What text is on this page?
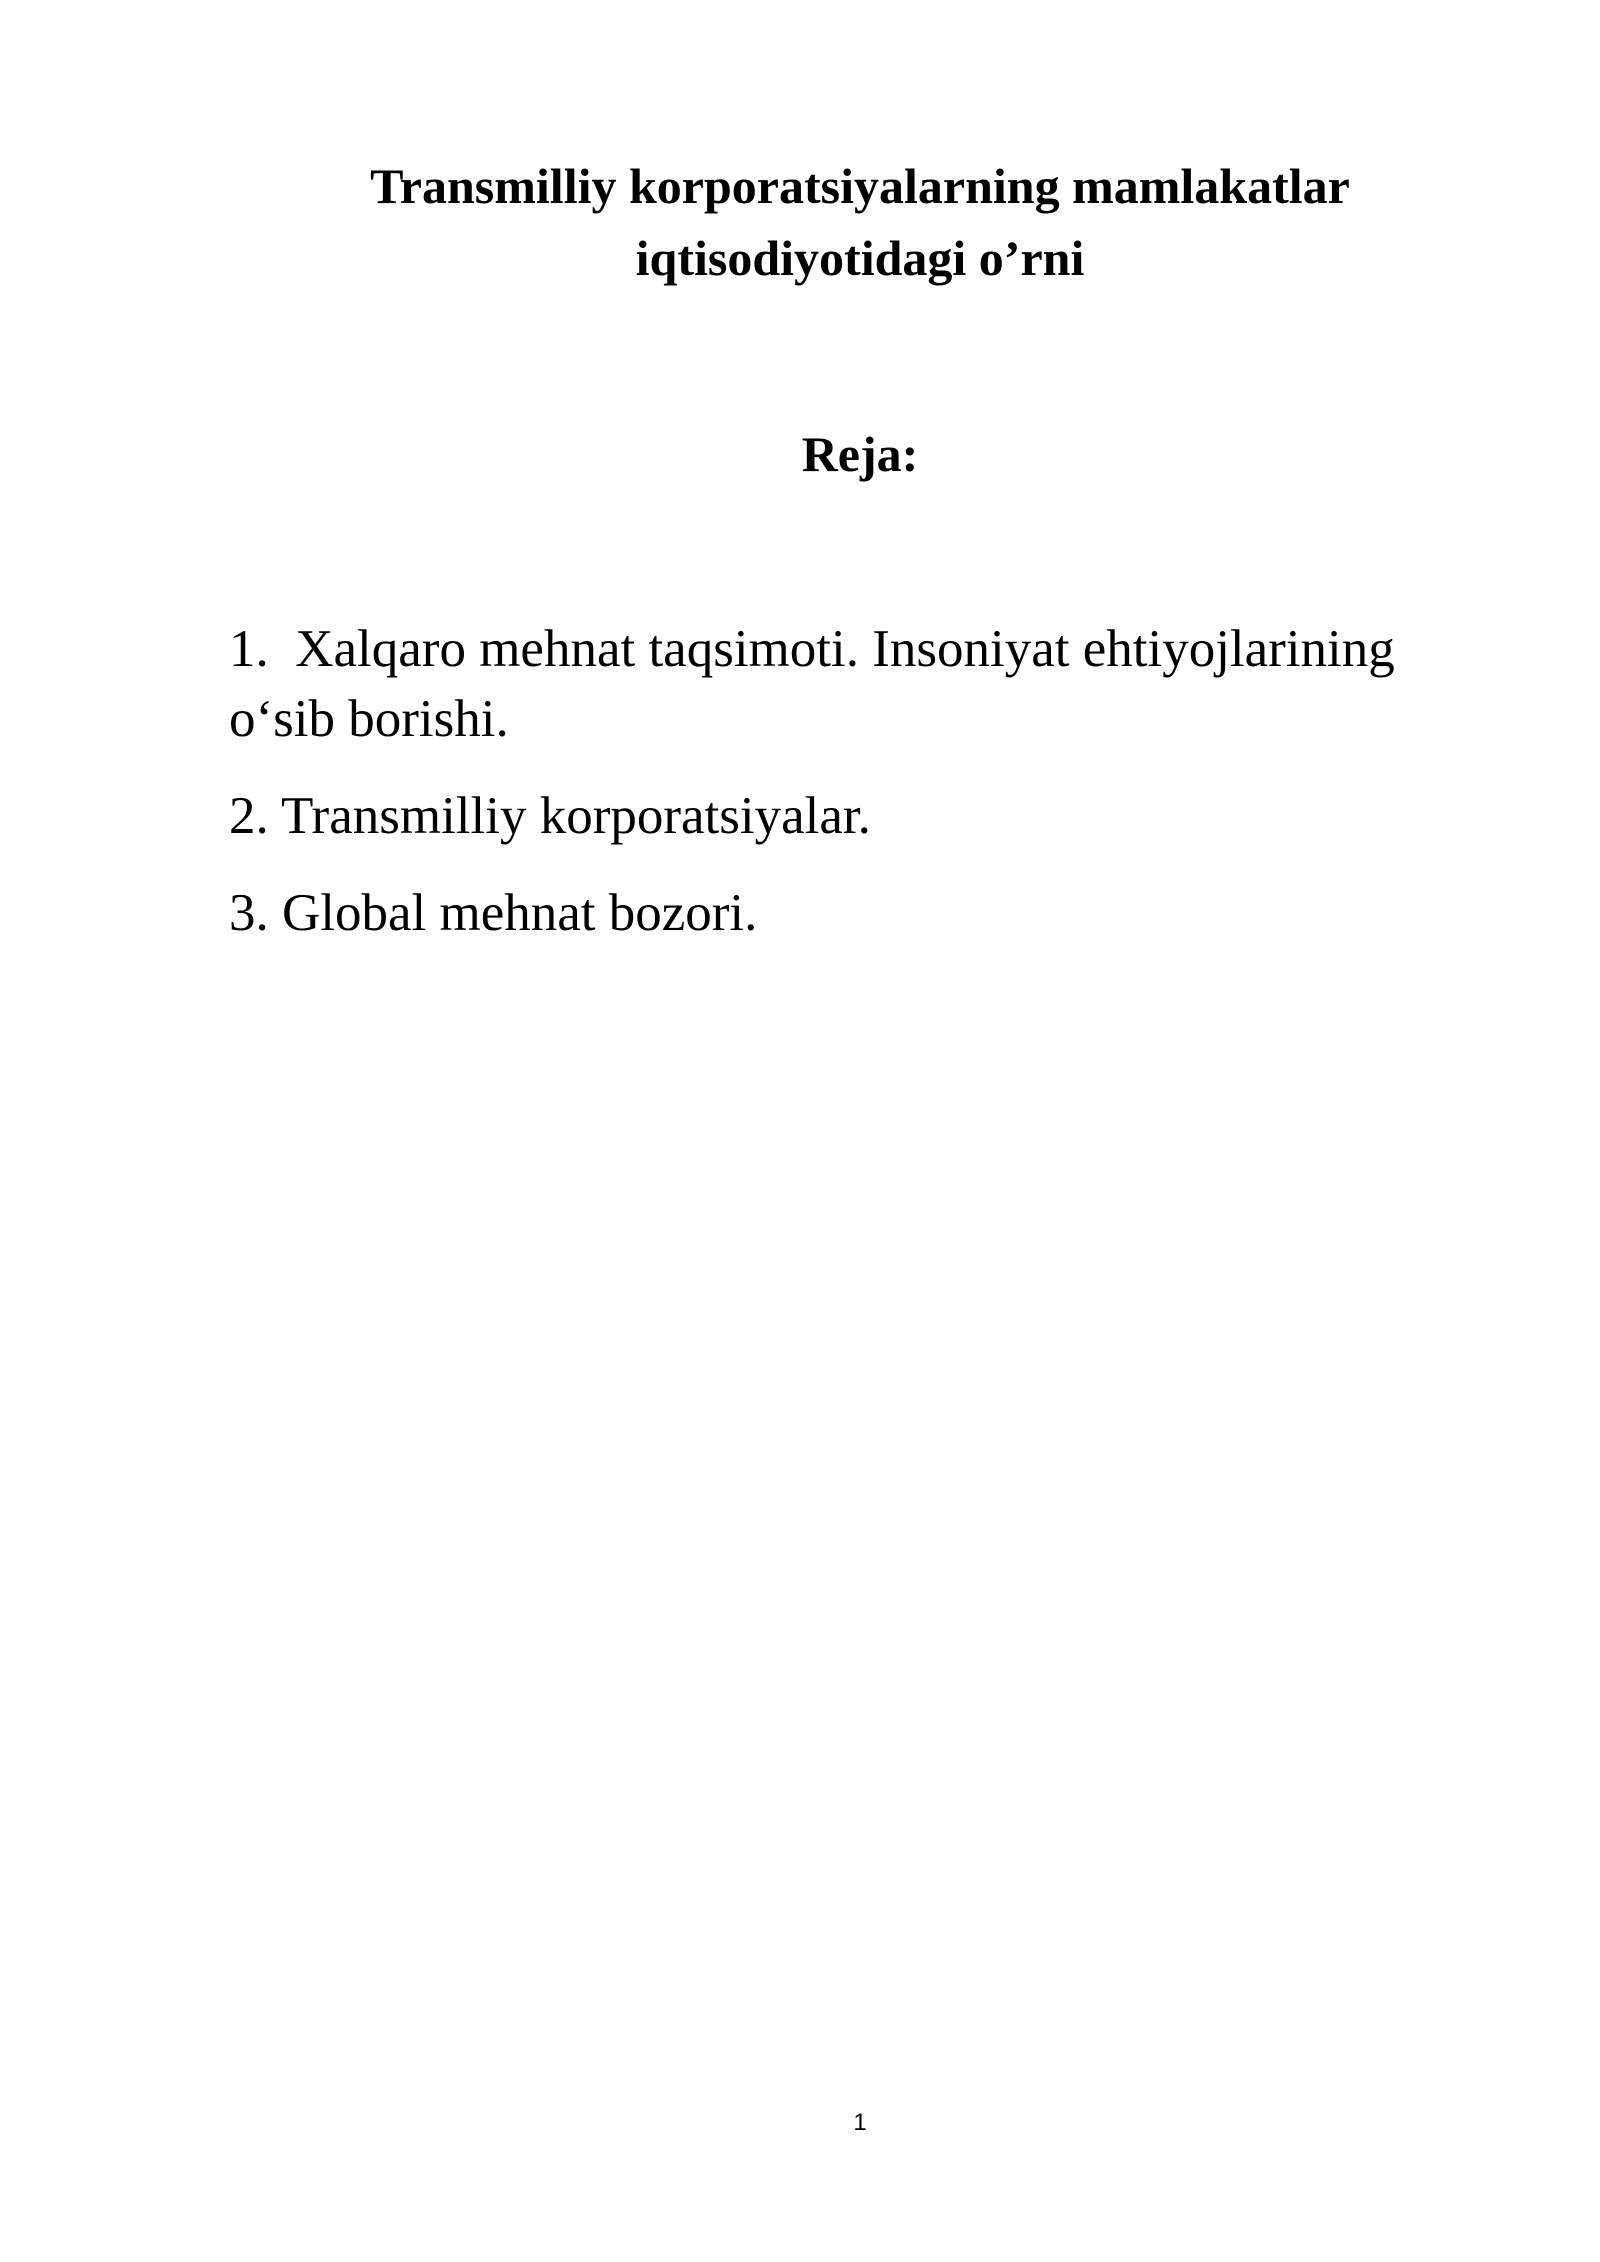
Transmilliy korporatsiyalarning mamlakatlar
iqtisodiyotidagi o’rni
Reja:
1.  Xalqaro mehnat taqsimoti. Insoniyat ehtiyojlarining o‘sib borishi.
2. Transmilliy korporatsiyalar.
3. Global mehnat bozori.
1
